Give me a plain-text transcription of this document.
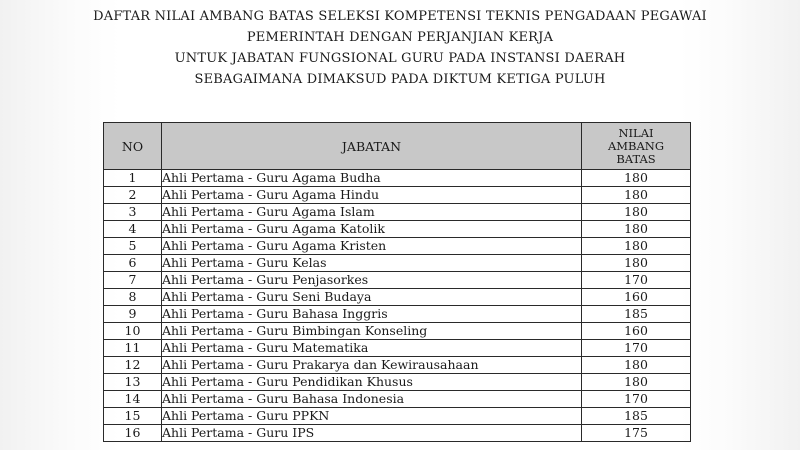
DAFTAR NILAI AMBANG BATAS SELEKSI KOMPETENSI TEKNIS PENGADAAN PEGAWAI
PEMERINTAH DENGAN PERJANJIAN KERJA
UNTUK JABATAN FUNGSIONAL GURU PADA INSTANSI DAERAH
SEBAGAIMANA DIMAKSUD PADA DIKTUM KETIGA PULUH
NO	JABATAN	NILAI
AMBANG
BATAS

1	Ahli Pertama - Guru Agama Budha	180
2	Ahli Pertama - Guru Agama Hindu	180
3	Ahli Pertama - Guru Agama Islam	180
4	Ahli Pertama - Guru Agama Katolik	180
5	Ahli Pertama - Guru Agama Kristen	180
6	Ahli Pertama - Guru Kelas	180
7	Ahli Pertama - Guru Penjasorkes	170
8	Ahli Pertama - Guru Seni Budaya	160
9	Ahli Pertama - Guru Bahasa Inggris	185
10	Ahli Pertama - Guru Bimbingan Konseling	160
11	Ahli Pertama - Guru Matematika	170
12	Ahli Pertama - Guru Prakarya dan Kewirausahaan	180
13	Ahli Pertama - Guru Pendidikan Khusus	180
14	Ahli Pertama - Guru Bahasa Indonesia	170
15	Ahli Pertama - Guru PPKN	185
16	Ahli Pertama - Guru IPS	175
